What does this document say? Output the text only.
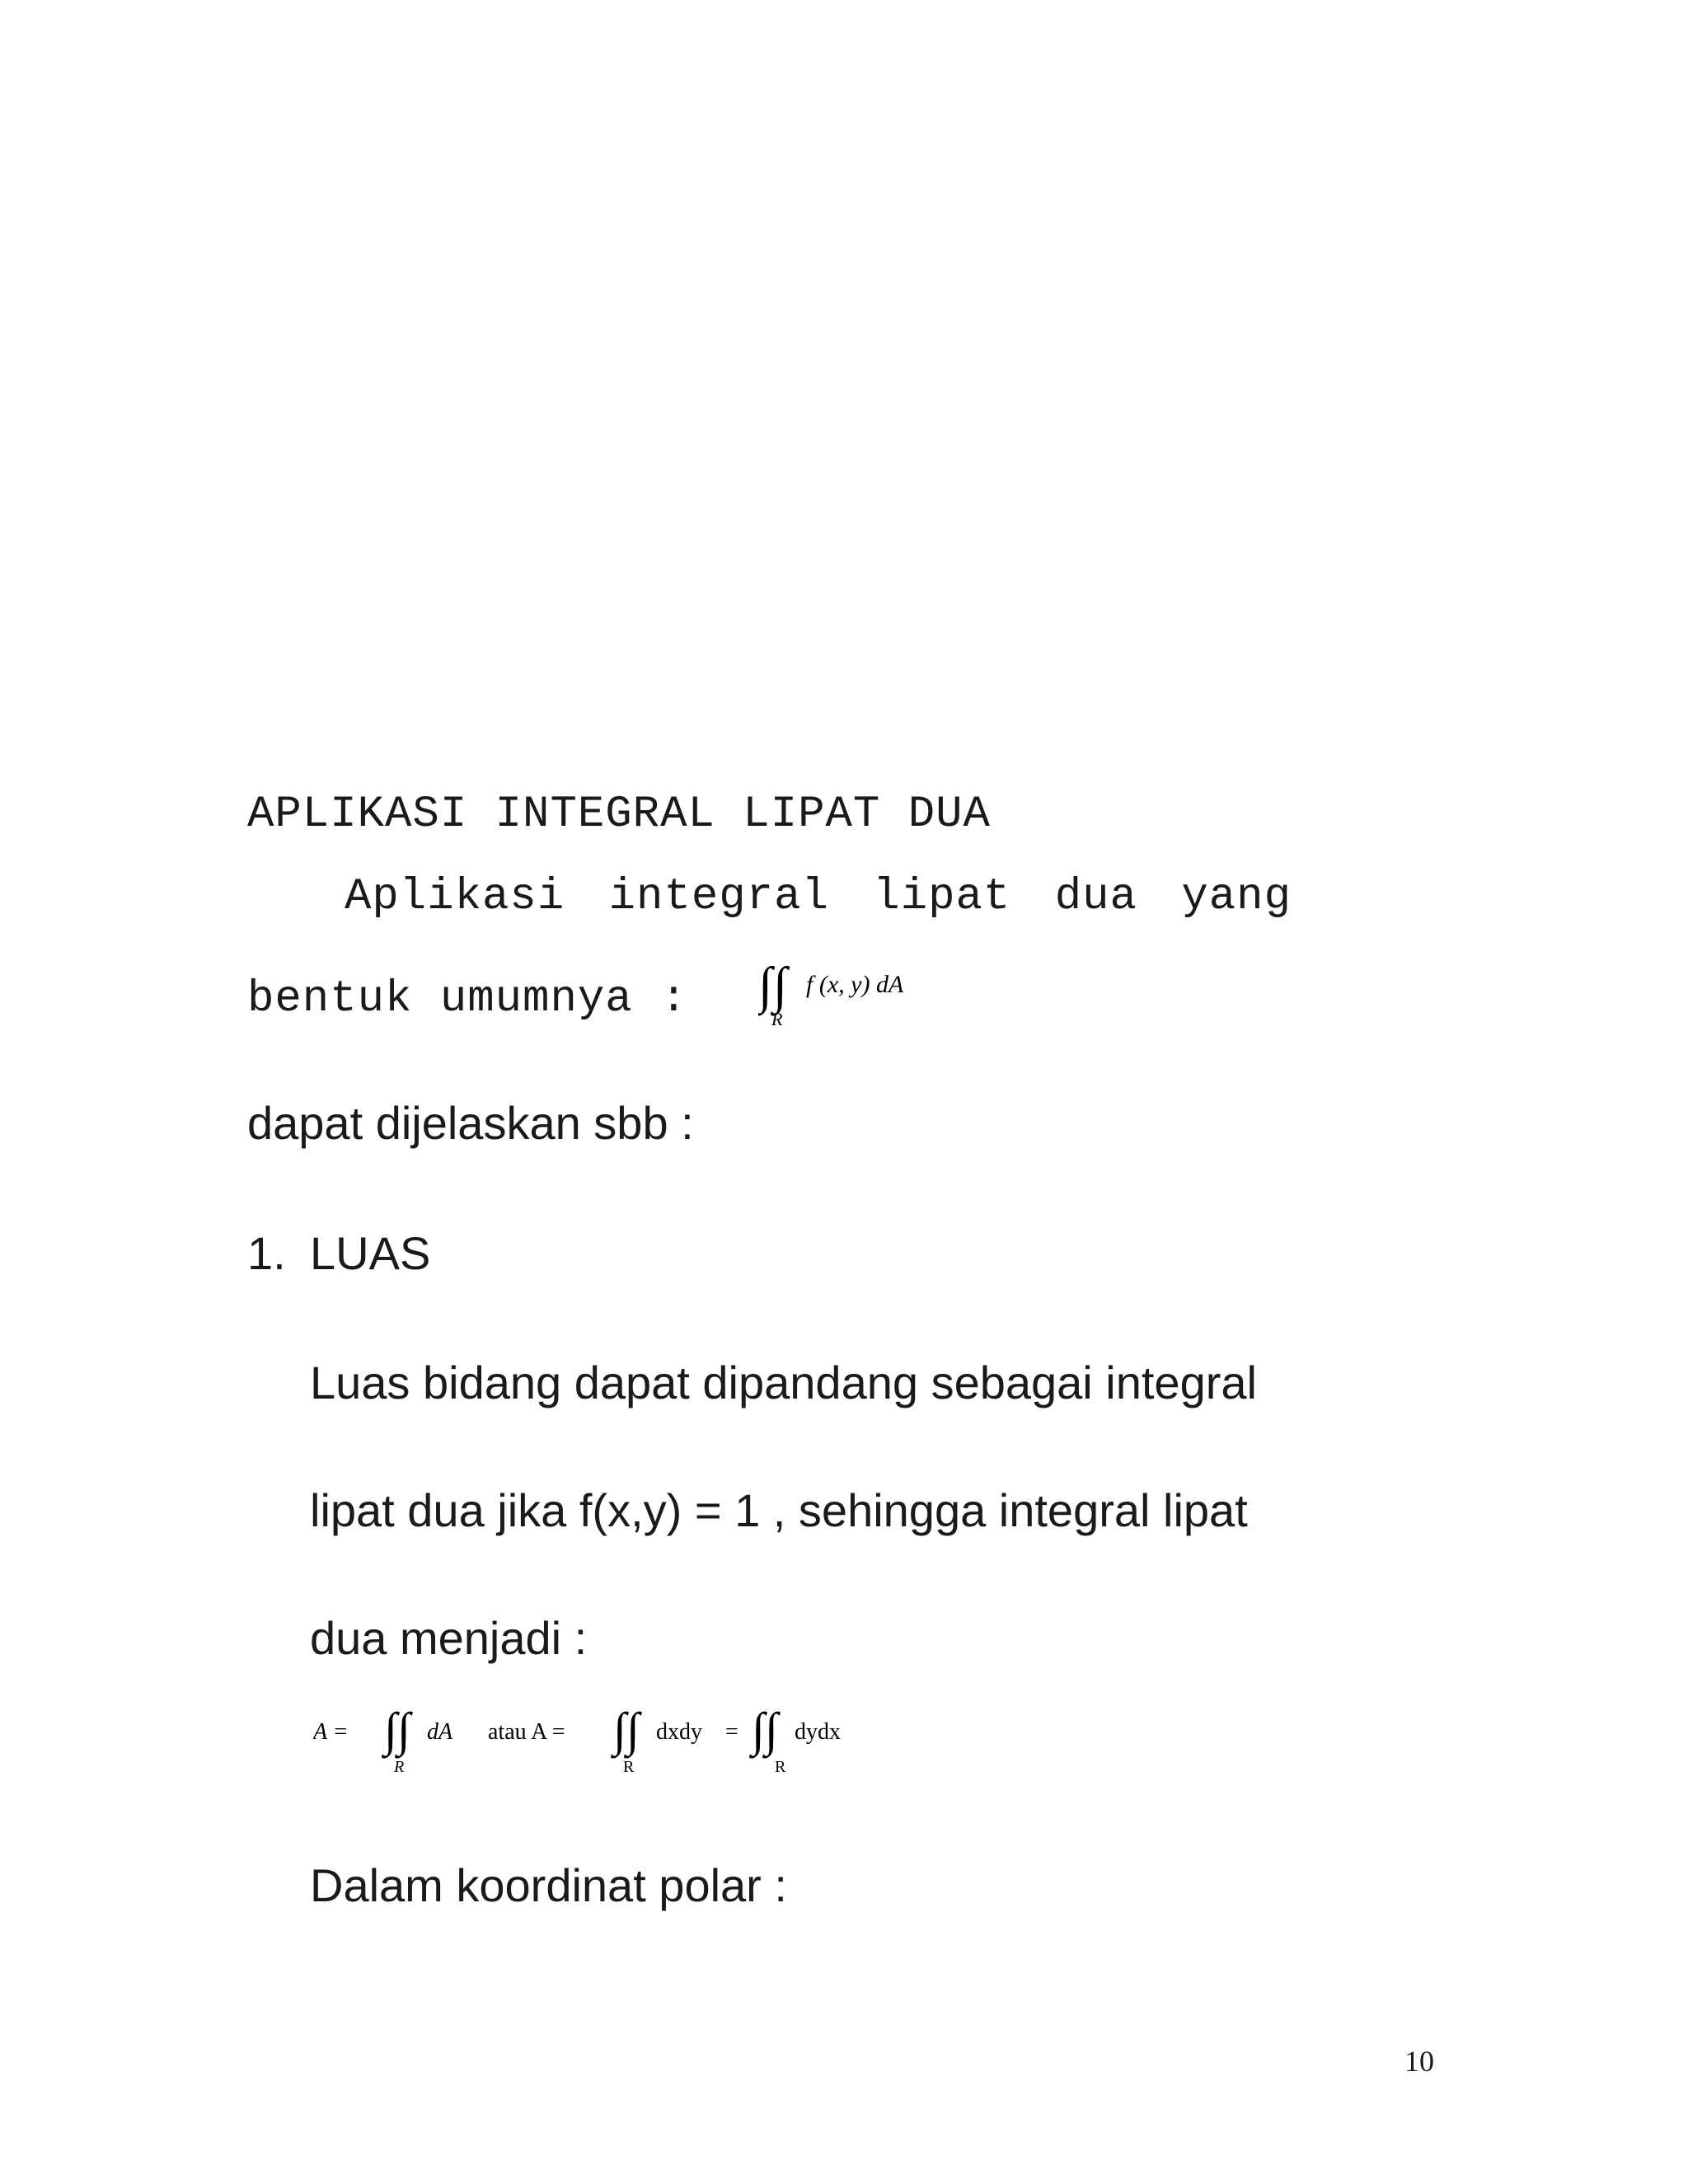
APLIKASI INTEGRAL LIPAT DUA
Aplikasi integral lipat dua yang
bentuk umumnya : ∫ ∫ f (x, y) dA
R
dapat dijelaskan sbb :
1. LUAS
Luas bidang dapat dipandang sebagai integral
lipat dua jika f(x,y) = 1 , sehingga integral lipat
dua menjadi :
A = ∫ ∫ dA
R
atau A = ∫ ∫ dxdy
R
= ∫ ∫ dydx
R
Dalam koordinat polar :
10
